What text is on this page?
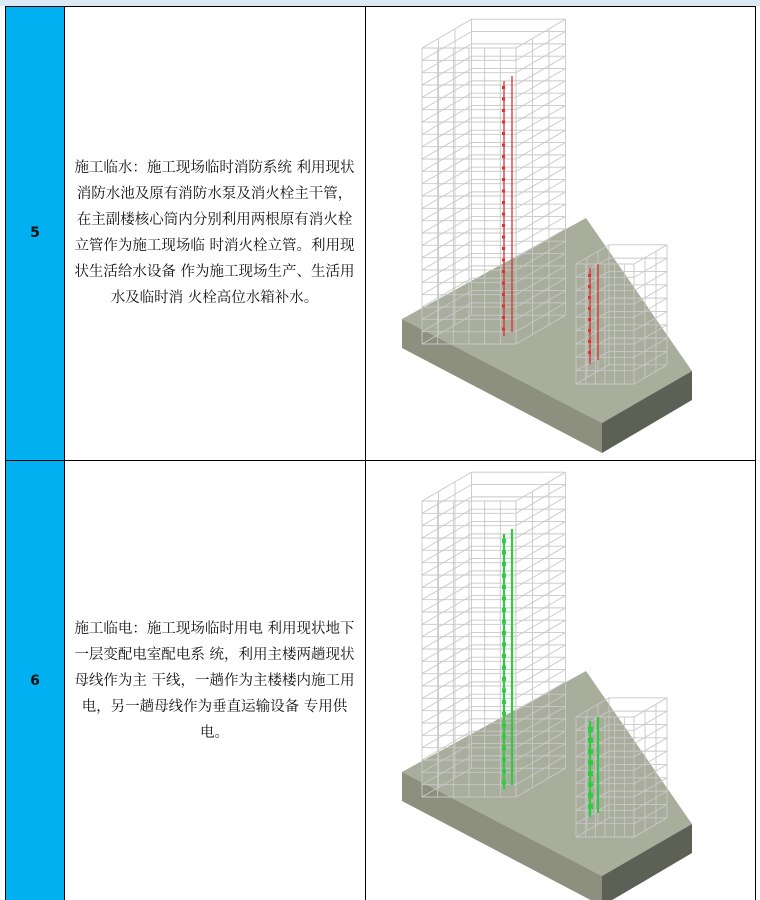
5

施工临水：施工现场临时消防系统 利用现状消防水池及原有消防水泵及消火栓主干管，在主副楼核心筒内分别利用两根原有消火栓立管作为施工现场临 时消火栓立管。利用现状生活给水设备 作为施工现场生产、生活用水及临时消 火栓高位水箱补水。

6

施工临电：施工现场临时用电 利用现状地下一层变配电室配电系 统，利用主楼两趟现状母线作为主 干线，一趟作为主楼楼内施工用 电，另一趟母线作为垂直运输设备 专用供电。
